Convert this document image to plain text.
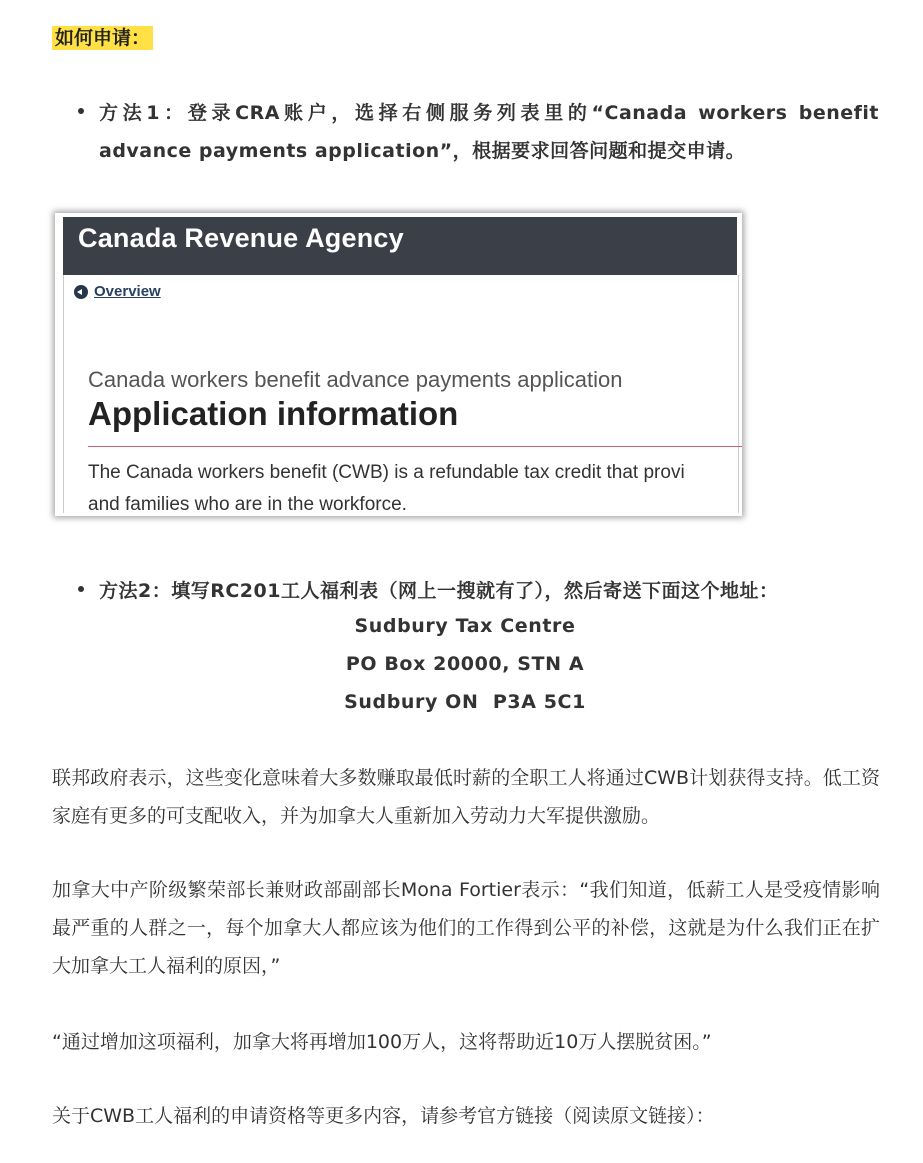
如何申请：
方法1：登录CRA账户，选择右侧服务列表里的“Canada workers benefit advance payments application”，根据要求回答问题和提交申请。
Canada Revenue Agency
Overview
Canada workers benefit advance payments application
Application information
The Canada workers benefit (CWB) is a refundable tax credit that provi
and families who are in the workforce.
方法2：填写RC201工人福利表（网上一搜就有了），然后寄送下面这个地址：
Sudbury Tax Centre
PO Box 20000, STN A
Sudbury ON  P3A 5C1
联邦政府表示，这些变化意味着大多数赚取最低时薪的全职工人将通过CWB计划获得支持。低工资家庭有更多的可支配收入，并为加拿大人重新加入劳动力大军提供激励。
加拿大中产阶级繁荣部长兼财政部副部长Mona Fortier表示：“我们知道，低薪工人是受疫情影响最严重的人群之一，每个加拿大人都应该为他们的工作得到公平的补偿，这就是为什么我们正在扩大加拿大工人福利的原因，”
“通过增加这项福利，加拿大将再增加100万人，这将帮助近10万人摆脱贫困。”
关于CWB工人福利的申请资格等更多内容，请参考官方链接（阅读原文链接）：
